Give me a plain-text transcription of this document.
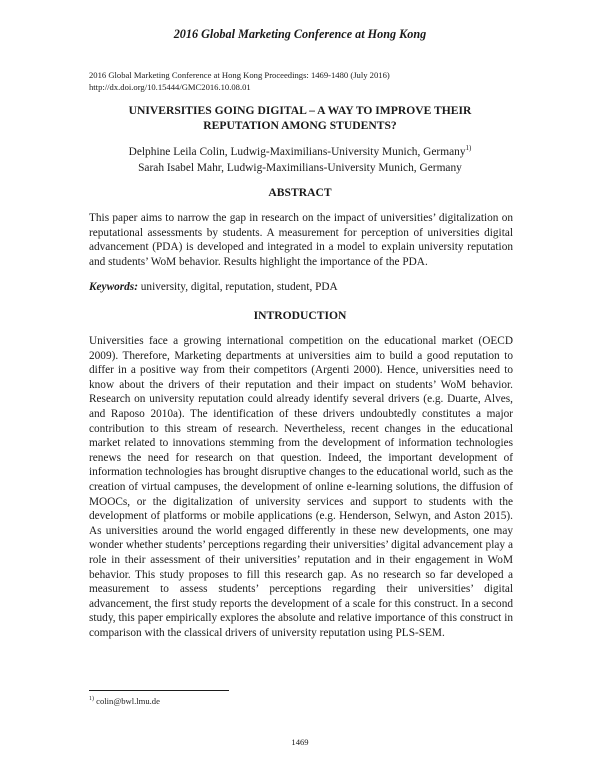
2016 Global Marketing Conference at Hong Kong
2016 Global Marketing Conference at Hong Kong Proceedings: 1469-1480 (July 2016)
http://dx.doi.org/10.15444/GMC2016.10.08.01
UNIVERSITIES GOING DIGITAL – A WAY TO IMPROVE THEIR
REPUTATION AMONG STUDENTS?
Delphine Leila Colin, Ludwig-Maximilians-University Munich, Germany$^{1)}$
Sarah Isabel Mahr, Ludwig-Maximilians-University Munich, Germany
ABSTRACT
This paper aims to narrow the gap in research on the impact of universities’ digitalization on reputational assessments by students. A measurement for perception of universities digital advancement (PDA) is developed and integrated in a model to explain university reputation and students’ WoM behavior. Results highlight the importance of the PDA.
Keywords: university, digital, reputation, student, PDA
INTRODUCTION
Universities face a growing international competition on the educational market (OECD 2009). Therefore, Marketing departments at universities aim to build a good reputation to differ in a positive way from their competitors (Argenti 2000). Hence, universities need to know about the drivers of their reputation and their impact on students’ WoM behavior. Research on university reputation could already identify several drivers (e.g. Duarte, Alves, and Raposo 2010a). The identification of these drivers undoubtedly constitutes a major contribution to this stream of research. Nevertheless, recent changes in the educational market related to innovations stemming from the development of information technologies renews the need for research on that question. Indeed, the important development of information technologies has brought disruptive changes to the educational world, such as the creation of virtual campuses, the development of online e-learning solutions, the diffusion of MOOCs, or the digitalization of university services and support to students with the development of platforms or mobile applications (e.g. Henderson, Selwyn, and Aston 2015). As universities around the world engaged differently in these new developments, one may wonder whether students’ perceptions regarding their universities’ digital advancement play a role in their assessment of their universities’ reputation and in their engagement in WoM behavior. This study proposes to fill this research gap. As no research so far developed a measurement to assess students’ perceptions regarding their universities’ digital advancement, the first study reports the development of a scale for this construct. In a second study, this paper empirically explores the absolute and relative importance of this construct in comparison with the classical drivers of university reputation using PLS-SEM.
$^{1)}$ colin@bwl.lmu.de
1469
